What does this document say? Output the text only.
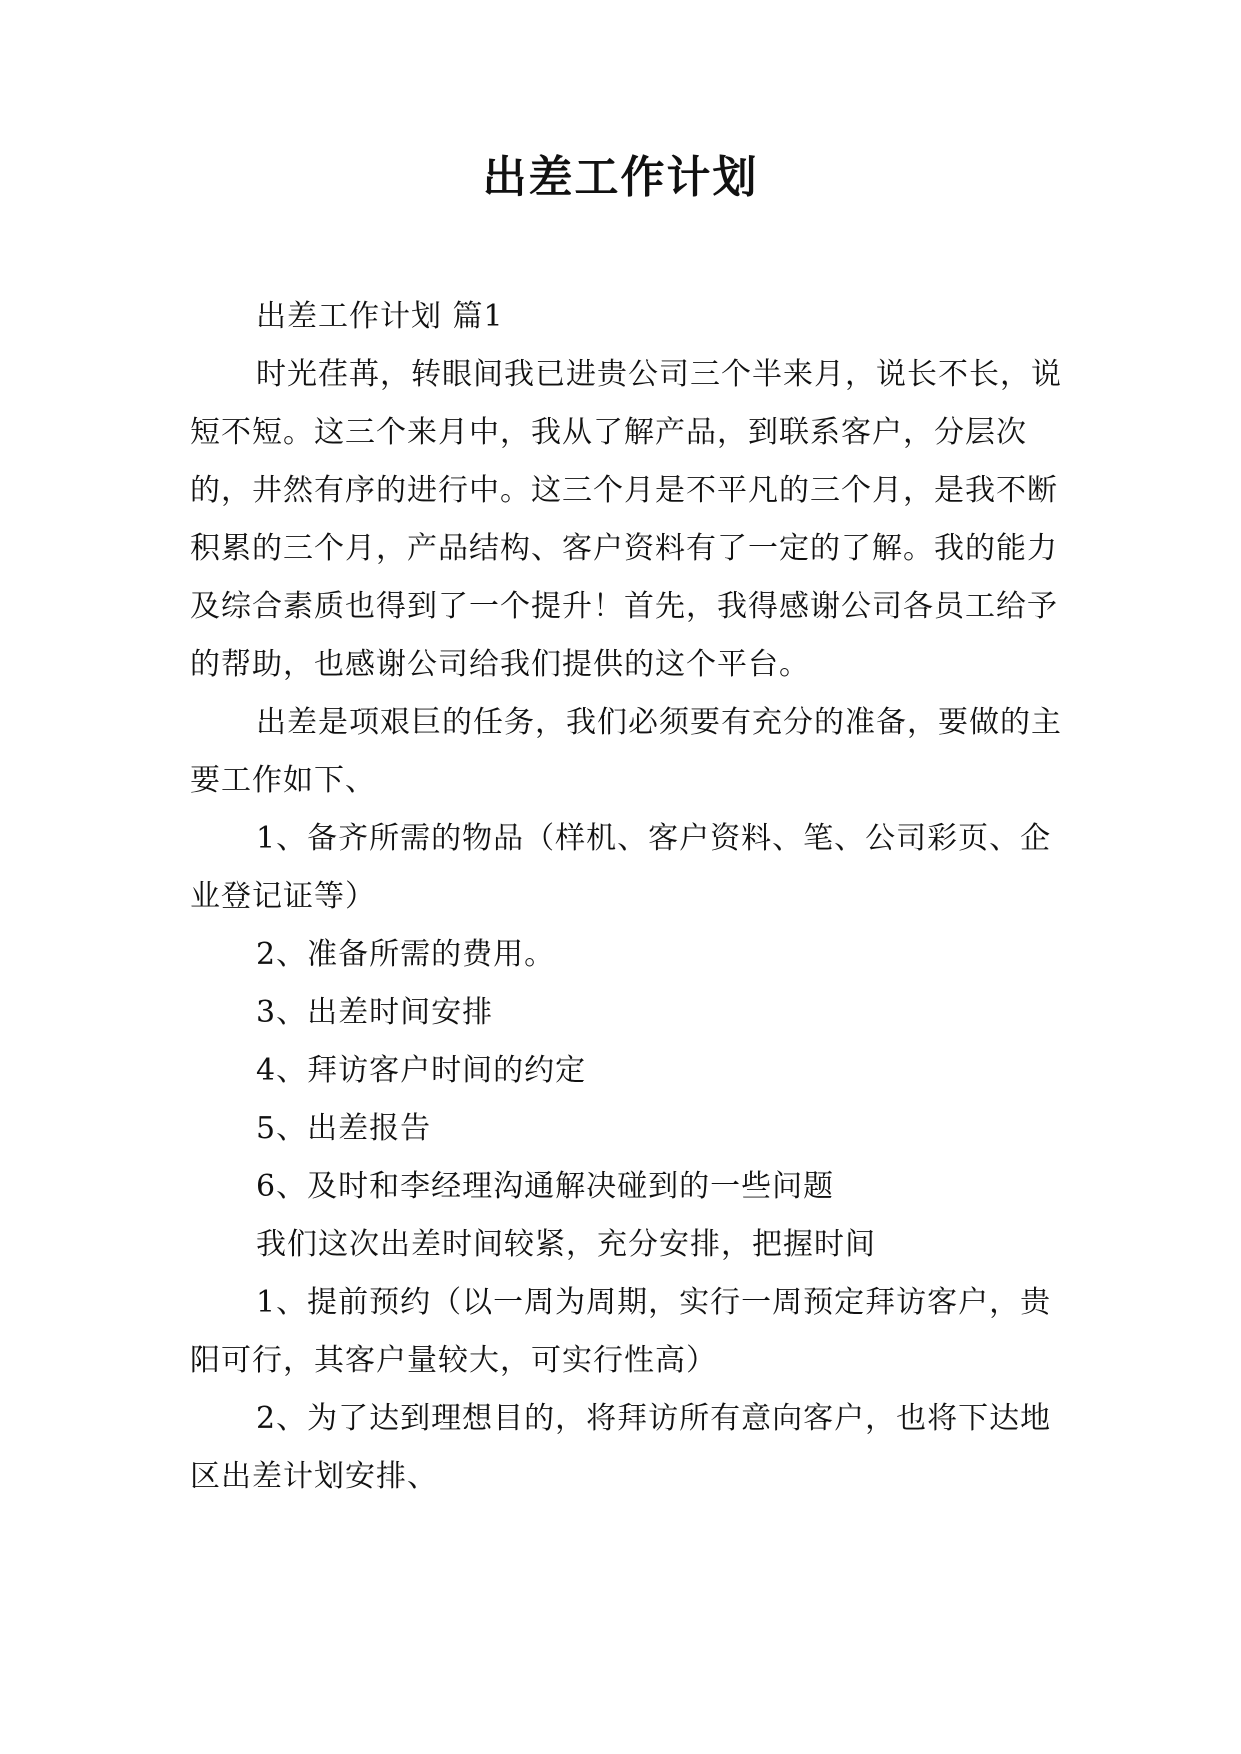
出差工作计划

出差工作计划 篇1

时光荏苒，转眼间我已进贵公司三个半来月，说长不长，说短不短。这三个来月中，我从了解产品，到联系客户，分层次的，井然有序的进行中。这三个月是不平凡的三个月，是我不断积累的三个月，产品结构、客户资料有了一定的了解。我的能力及综合素质也得到了一个提升！首先，我得感谢公司各员工给予的帮助，也感谢公司给我们提供的这个平台。

出差是项艰巨的任务，我们必须要有充分的准备，要做的主要工作如下、

1、备齐所需的物品（样机、客户资料、笔、公司彩页、企业登记证等）

2、准备所需的费用。

3、出差时间安排

4、拜访客户时间的约定

5、出差报告

6、及时和李经理沟通解决碰到的一些问题

我们这次出差时间较紧，充分安排，把握时间

1、提前预约（以一周为周期，实行一周预定拜访客户，贵阳可行，其客户量较大，可实行性高）

2、为了达到理想目的，将拜访所有意向客户，也将下达地区出差计划安排、
